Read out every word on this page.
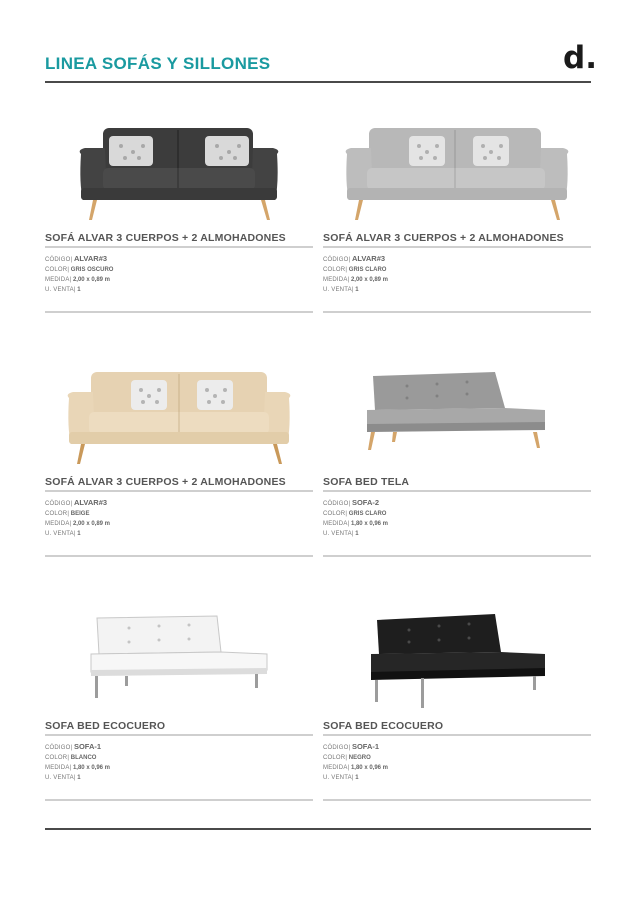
LINEA SOFÁS Y SILLONES	d.
SOFÁ ALVAR 3 CUERPOS + 2 ALMOHADONES
CÓDIGO| ALVAR#3
COLOR| GRIS OSCURO
MEDIDA| 2,00 x 0,89 m
U. VENTA| 1
SOFÁ ALVAR 3 CUERPOS + 2 ALMOHADONES
CÓDIGO| ALVAR#3
COLOR| GRIS CLARO
MEDIDA| 2,00 x 0,89 m
U. VENTA| 1
SOFÁ ALVAR 3 CUERPOS + 2 ALMOHADONES
CÓDIGO| ALVAR#3
COLOR| BEIGE
MEDIDA| 2,00 x 0,89 m
U. VENTA| 1
SOFA BED TELA
CÓDIGO| SOFA-2
COLOR| GRIS CLARO
MEDIDA| 1,80 x 0,96 m
U. VENTA| 1
SOFA BED ECOCUERO
CÓDIGO| SOFA-1
COLOR| BLANCO
MEDIDA| 1,80 x 0,96 m
U. VENTA| 1
SOFA BED ECOCUERO
CÓDIGO| SOFA-1
COLOR| NEGRO
MEDIDA| 1,80 x 0,96 m
U. VENTA| 1
